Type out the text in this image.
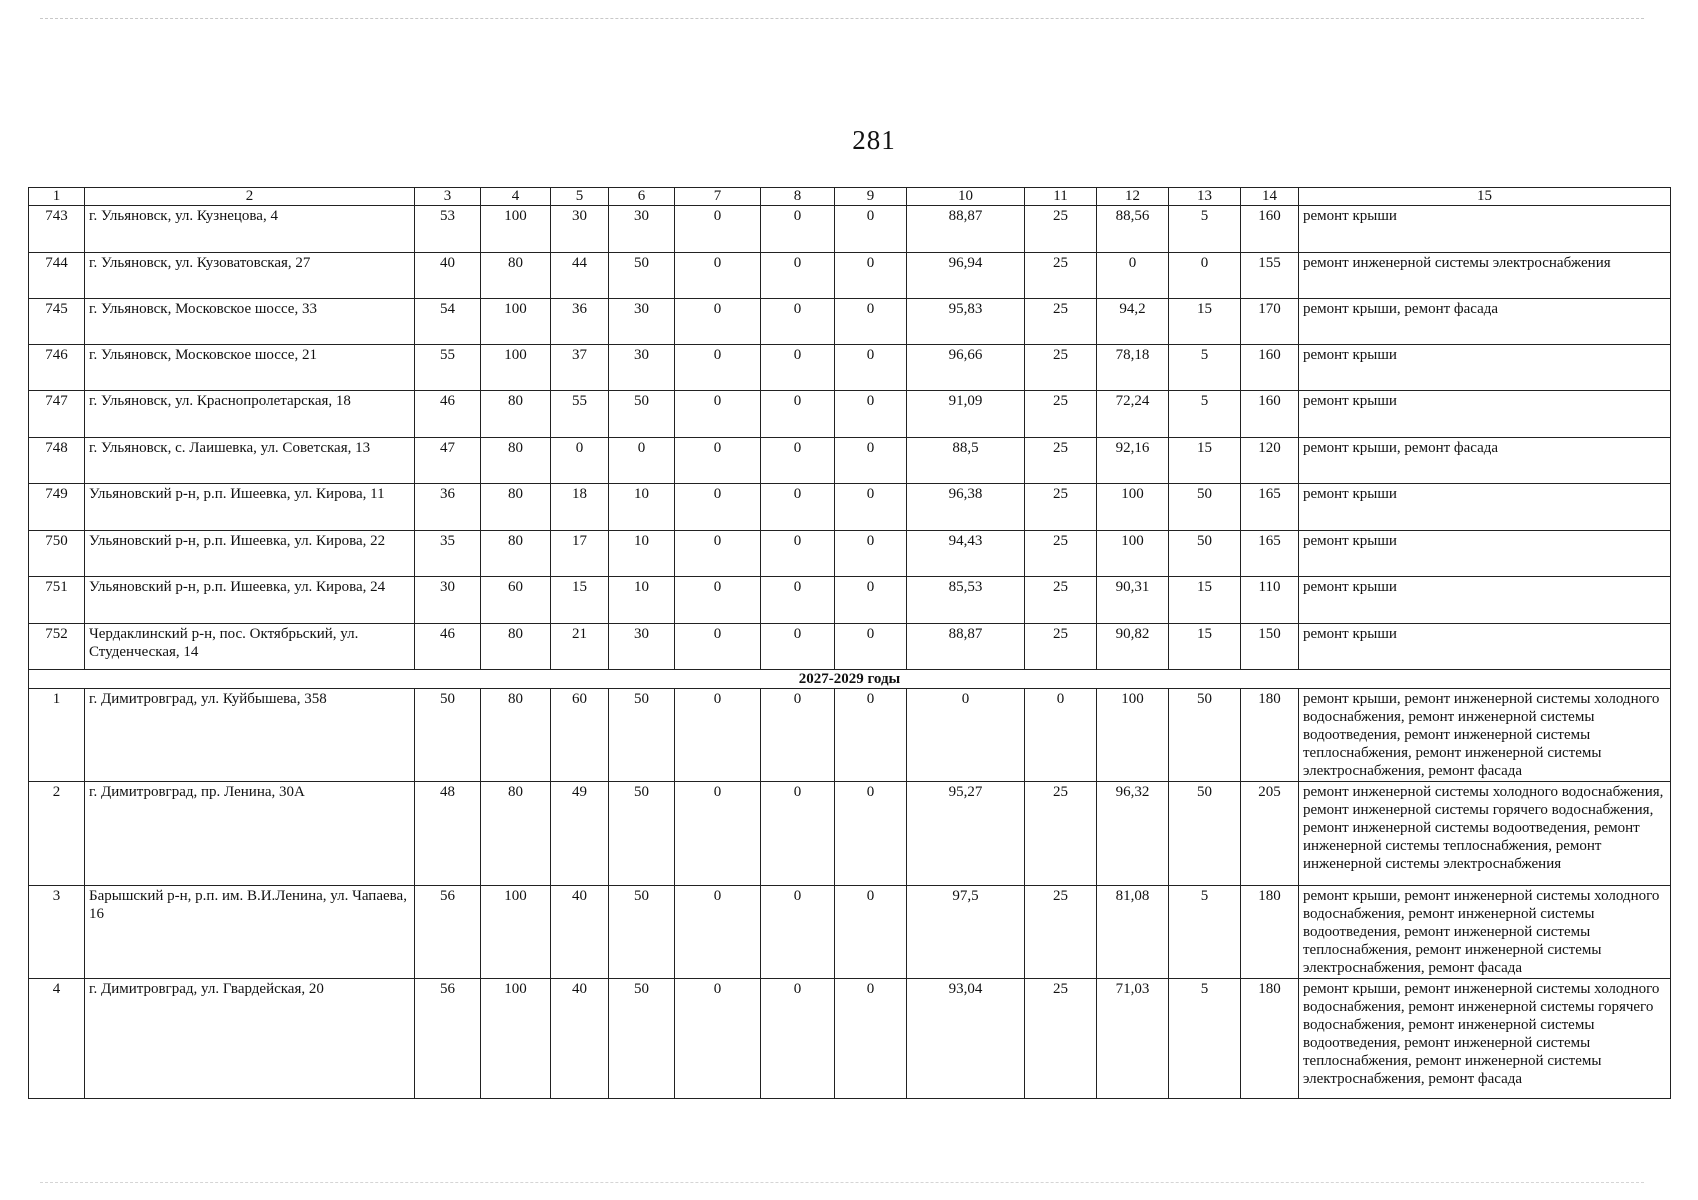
281
1	2	3	4	5	6	7	8	9	10	11	12	13	14	15
743	г. Ульяновск, ул. Кузнецова, 4	53	100	30	30	0	0	0	88,87	25	88,56	5	160	ремонт крыши
744	г. Ульяновск, ул. Кузоватовская, 27	40	80	44	50	0	0	0	96,94	25	0	0	155	ремонт инженерной системы электроснабжения
745	г. Ульяновск, Московское шоссе, 33	54	100	36	30	0	0	0	95,83	25	94,2	15	170	ремонт крыши, ремонт фасада
746	г. Ульяновск, Московское шоссе, 21	55	100	37	30	0	0	0	96,66	25	78,18	5	160	ремонт крыши
747	г. Ульяновск, ул. Краснопролетарская, 18	46	80	55	50	0	0	0	91,09	25	72,24	5	160	ремонт крыши
748	г. Ульяновск, с. Лаишевка, ул. Советская, 13	47	80	0	0	0	0	0	88,5	25	92,16	15	120	ремонт крыши, ремонт фасада
749	Ульяновский р-н, р.п. Ишеевка, ул. Кирова, 11	36	80	18	10	0	0	0	96,38	25	100	50	165	ремонт крыши
750	Ульяновский р-н, р.п. Ишеевка, ул. Кирова, 22	35	80	17	10	0	0	0	94,43	25	100	50	165	ремонт крыши
751	Ульяновский р-н, р.п. Ишеевка, ул. Кирова, 24	30	60	15	10	0	0	0	85,53	25	90,31	15	110	ремонт крыши
752	Чердаклинский р-н, пос. Октябрьский, ул. Студенческая, 14	46	80	21	30	0	0	0	88,87	25	90,82	15	150	ремонт крыши
2027-2029 годы														
1	г. Димитровград, ул. Куйбышева, 358	50	80	60	50	0	0	0	0	0	100	50	180	ремонт крыши, ремонт инженерной системы холодного водоснабжения, ремонт инженерной системы водоотведения, ремонт инженерной системы теплоснабжения, ремонт инженерной системы электроснабжения, ремонт фасада
2	г. Димитровград, пр. Ленина, 30А	48	80	49	50	0	0	0	95,27	25	96,32	50	205	ремонт инженерной системы холодного водоснабжения, ремонт инженерной системы горячего водоснабжения, ремонт инженерной системы водоотведения, ремонт инженерной системы теплоснабжения, ремонт инженерной системы электроснабжения
3	Барышский р-н, р.п. им. В.И.Ленина, ул. Чапаева, 16	56	100	40	50	0	0	0	97,5	25	81,08	5	180	ремонт крыши, ремонт инженерной системы холодного водоснабжения, ремонт инженерной системы водоотведения, ремонт инженерной системы теплоснабжения, ремонт инженерной системы электроснабжения, ремонт фасада
4	г. Димитровград, ул. Гвардейская, 20	56	100	40	50	0	0	0	93,04	25	71,03	5	180	ремонт крыши, ремонт инженерной системы холодного водоснабжения, ремонт инженерной системы горячего водоснабжения, ремонт инженерной системы водоотведения, ремонт инженерной системы теплоснабжения, ремонт инженерной системы электроснабжения, ремонт фасада
